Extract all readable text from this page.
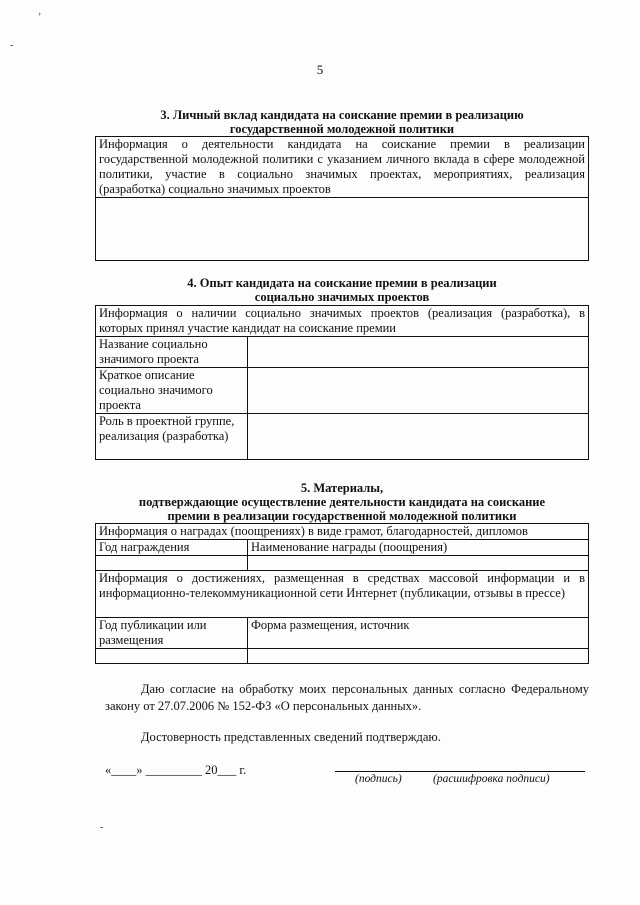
ʼ
-
-
5
3. Личный вклад кандидата на соискание премии в реализацию
государственной молодежной политики
Информация о деятельности кандидата на соискание премии в реализации государственной молодежной политики с указанием личного вклада в сфере молодежной политики, участие в социально значимых проектах, мероприятиях, реализация (разработка) социально значимых проектов

4. Опыт кандидата на соискание премии в реализации
социально значимых проектов
Информация о наличии социально значимых проектов (реализация (разработка), в которых принял участие кандидат на соискание премии	
Название социально значимого проекта	
Краткое описание социально значимого проекта	
Роль в проектной группе, реализация (разработка)	
5. Материалы,
подтверждающие осуществление деятельности кандидата на соискание
премии в реализации государственной молодежной политики
Информация о наградах (поощрениях) в виде грамот, благодарностей, дипломов	
Год награждения	Наименование награды (поощрения)

Информация о достижениях, размещенная в средствах массовой информации и в информационно-телекоммуникационной сети Интернет (публикации, отзывы в прессе)	
Год публикации или размещения	Форма размещения, источник

Даю согласие на обработку моих персональных данных согласно Федеральному закону от 27.07.2006 № 152-ФЗ «О персональных данных».
Достоверность представленных сведений подтверждаю.
«____» _________ 20___ г.
(подпись)	(расшифровка подписи)
